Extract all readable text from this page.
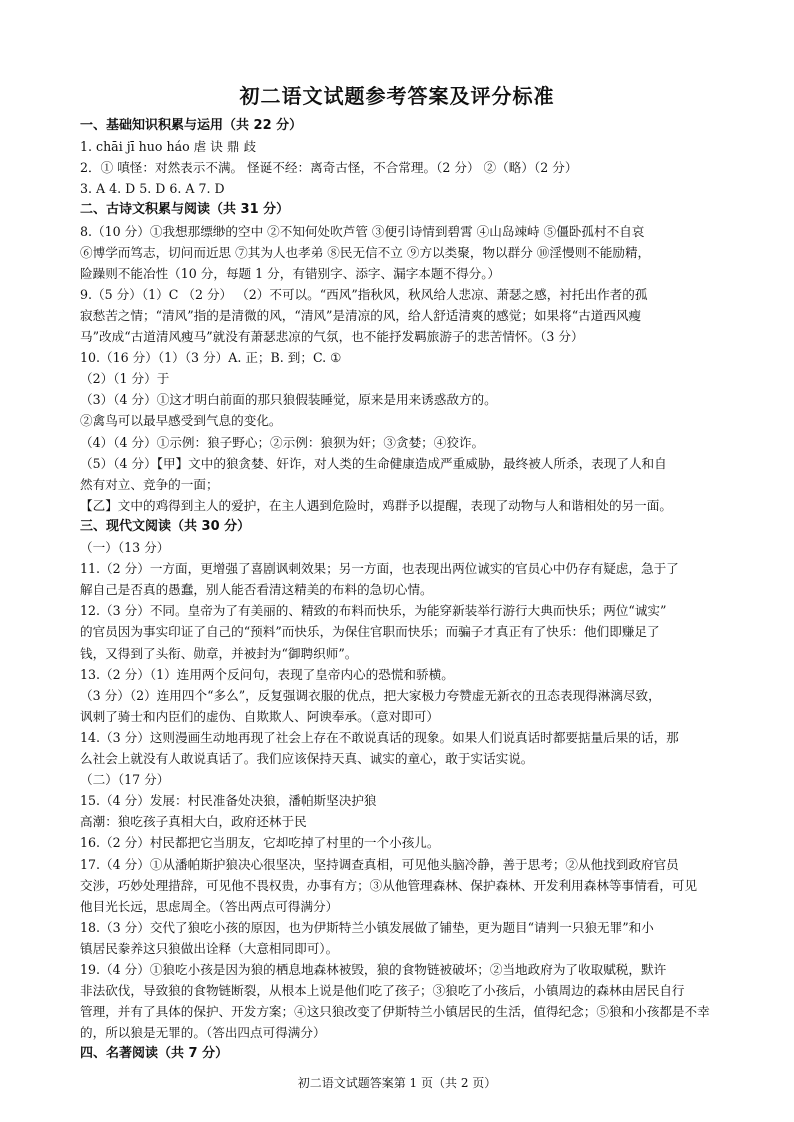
初二语文试题参考答案及评分标准
一、基础知识积累与运用（共 22 分）
1. chāi jī huo háo 虐 诀 鼎 歧
2．① 嗔怪：对然表示不满。 怪诞不经：离奇古怪，不合常理。（2 分） ②（略）（2 分）
3. A 4. D 5. D 6. A 7. D
二、古诗文积累与阅读（共 31 分）
8.（10 分）①我想那缥缈的空中 ②不知何处吹芦管 ③便引诗情到碧霄 ④山岛竦峙 ⑤僵卧孤村不自哀
⑥博学而笃志，切问而近思 ⑦其为人也孝弟 ⑧民无信不立 ⑨方以类聚，物以群分 ⑩淫慢则不能励精，
险躁则不能冶性（10 分，每题 1 分，有错别字、添字、漏字本题不得分。）
9.（5 分）（1）C （2 分） （2）不可以。“西风”指秋风，秋风给人悲凉、萧瑟之感，衬托出作者的孤
寂愁苦之情；“清风”指的是清微的风，“清风”是清凉的风，给人舒适清爽的感觉；如果将“古道西风瘦
马”改成“古道清风瘦马”就没有萧瑟悲凉的气氛，也不能抒发羁旅游子的悲苦情怀。（3 分）
10.（16 分）（1）（3 分）A. 正；B. 到；C. ①
（2）（1 分）于
（3）（4 分）①这才明白前面的那只狼假装睡觉，原来是用来诱惑敌方的。
②禽鸟可以最早感受到气息的变化。
（4）（4 分）①示例：狼子野心；②示例：狼狈为奸；③贪婪；④狡诈。
（5）（4 分）【甲】文中的狼贪婪、奸诈，对人类的生命健康造成严重威胁，最终被人所杀，表现了人和自
然有对立、竞争的一面；
【乙】文中的鸡得到主人的爱护，在主人遇到危险时，鸡群予以提醒，表现了动物与人和谐相处的另一面。
三、现代文阅读（共 30 分）
（一）（13 分）
11.（2 分）一方面，更增强了喜剧讽刺效果；另一方面，也表现出两位诚实的官员心中仍存有疑虑，急于了
解自己是否真的愚蠢，别人能否看清这精美的布料的急切心情。
12.（3 分）不同。皇帝为了有美丽的、精致的布料而快乐，为能穿新装举行游行大典而快乐；两位“诚实”
的官员因为事实印证了自己的“预料”而快乐，为保住官职而快乐；而骗子才真正有了快乐：他们即赚足了
钱，又得到了头衔、勋章，并被封为“御聘织师”。
13.（2 分）（1）连用两个反问句，表现了皇帝内心的恐慌和骄横。
（3 分）（2）连用四个“多么”，反复强调衣服的优点，把大家极力夸赞虚无新衣的丑态表现得淋漓尽致，
讽刺了骑士和内臣们的虚伪、自欺欺人、阿谀奉承。（意对即可）
14.（3 分）这则漫画生动地再现了社会上存在不敢说真话的现象。如果人们说真话时都要掂量后果的话，那
么社会上就没有人敢说真话了。我们应该保持天真、诚实的童心，敢于实话实说。
（二）（17 分）
15.（4 分）发展：村民准备处决狼，潘帕斯坚决护狼
高潮：狼吃孩子真相大白，政府还林于民
16.（2 分）村民都把它当朋友，它却吃掉了村里的一个小孩儿。
17.（4 分）①从潘帕斯护狼决心很坚决，坚持调查真相，可见他头脑冷静，善于思考；②从他找到政府官员
交涉，巧妙处理措辞，可见他不畏权贵，办事有方；③从他管理森林、保护森林、开发利用森林等事情看，可见
他目光长远，思虑周全。（答出两点可得满分）
18.（3 分）交代了狼吃小孩的原因，也为伊斯特兰小镇发展做了铺垫，更为题目“请判一只狼无罪”和小
镇居民豢养这只狼做出诠释（大意相同即可）。
19.（4 分）①狼吃小孩是因为狼的栖息地森林被毁，狼的食物链被破坏；②当地政府为了收取赋税，默许
非法砍伐，导致狼的食物链断裂，从根本上说是他们吃了孩子；③狼吃了小孩后，小镇周边的森林由居民自行
管理，并有了具体的保护、开发方案；④这只狼改变了伊斯特兰小镇居民的生活，值得纪念；⑤狼和小孩都是不幸
的，所以狼是无罪的。（答出四点可得满分）
四、名著阅读（共 7 分）
初二语文试题答案第 1 页（共 2 页）
